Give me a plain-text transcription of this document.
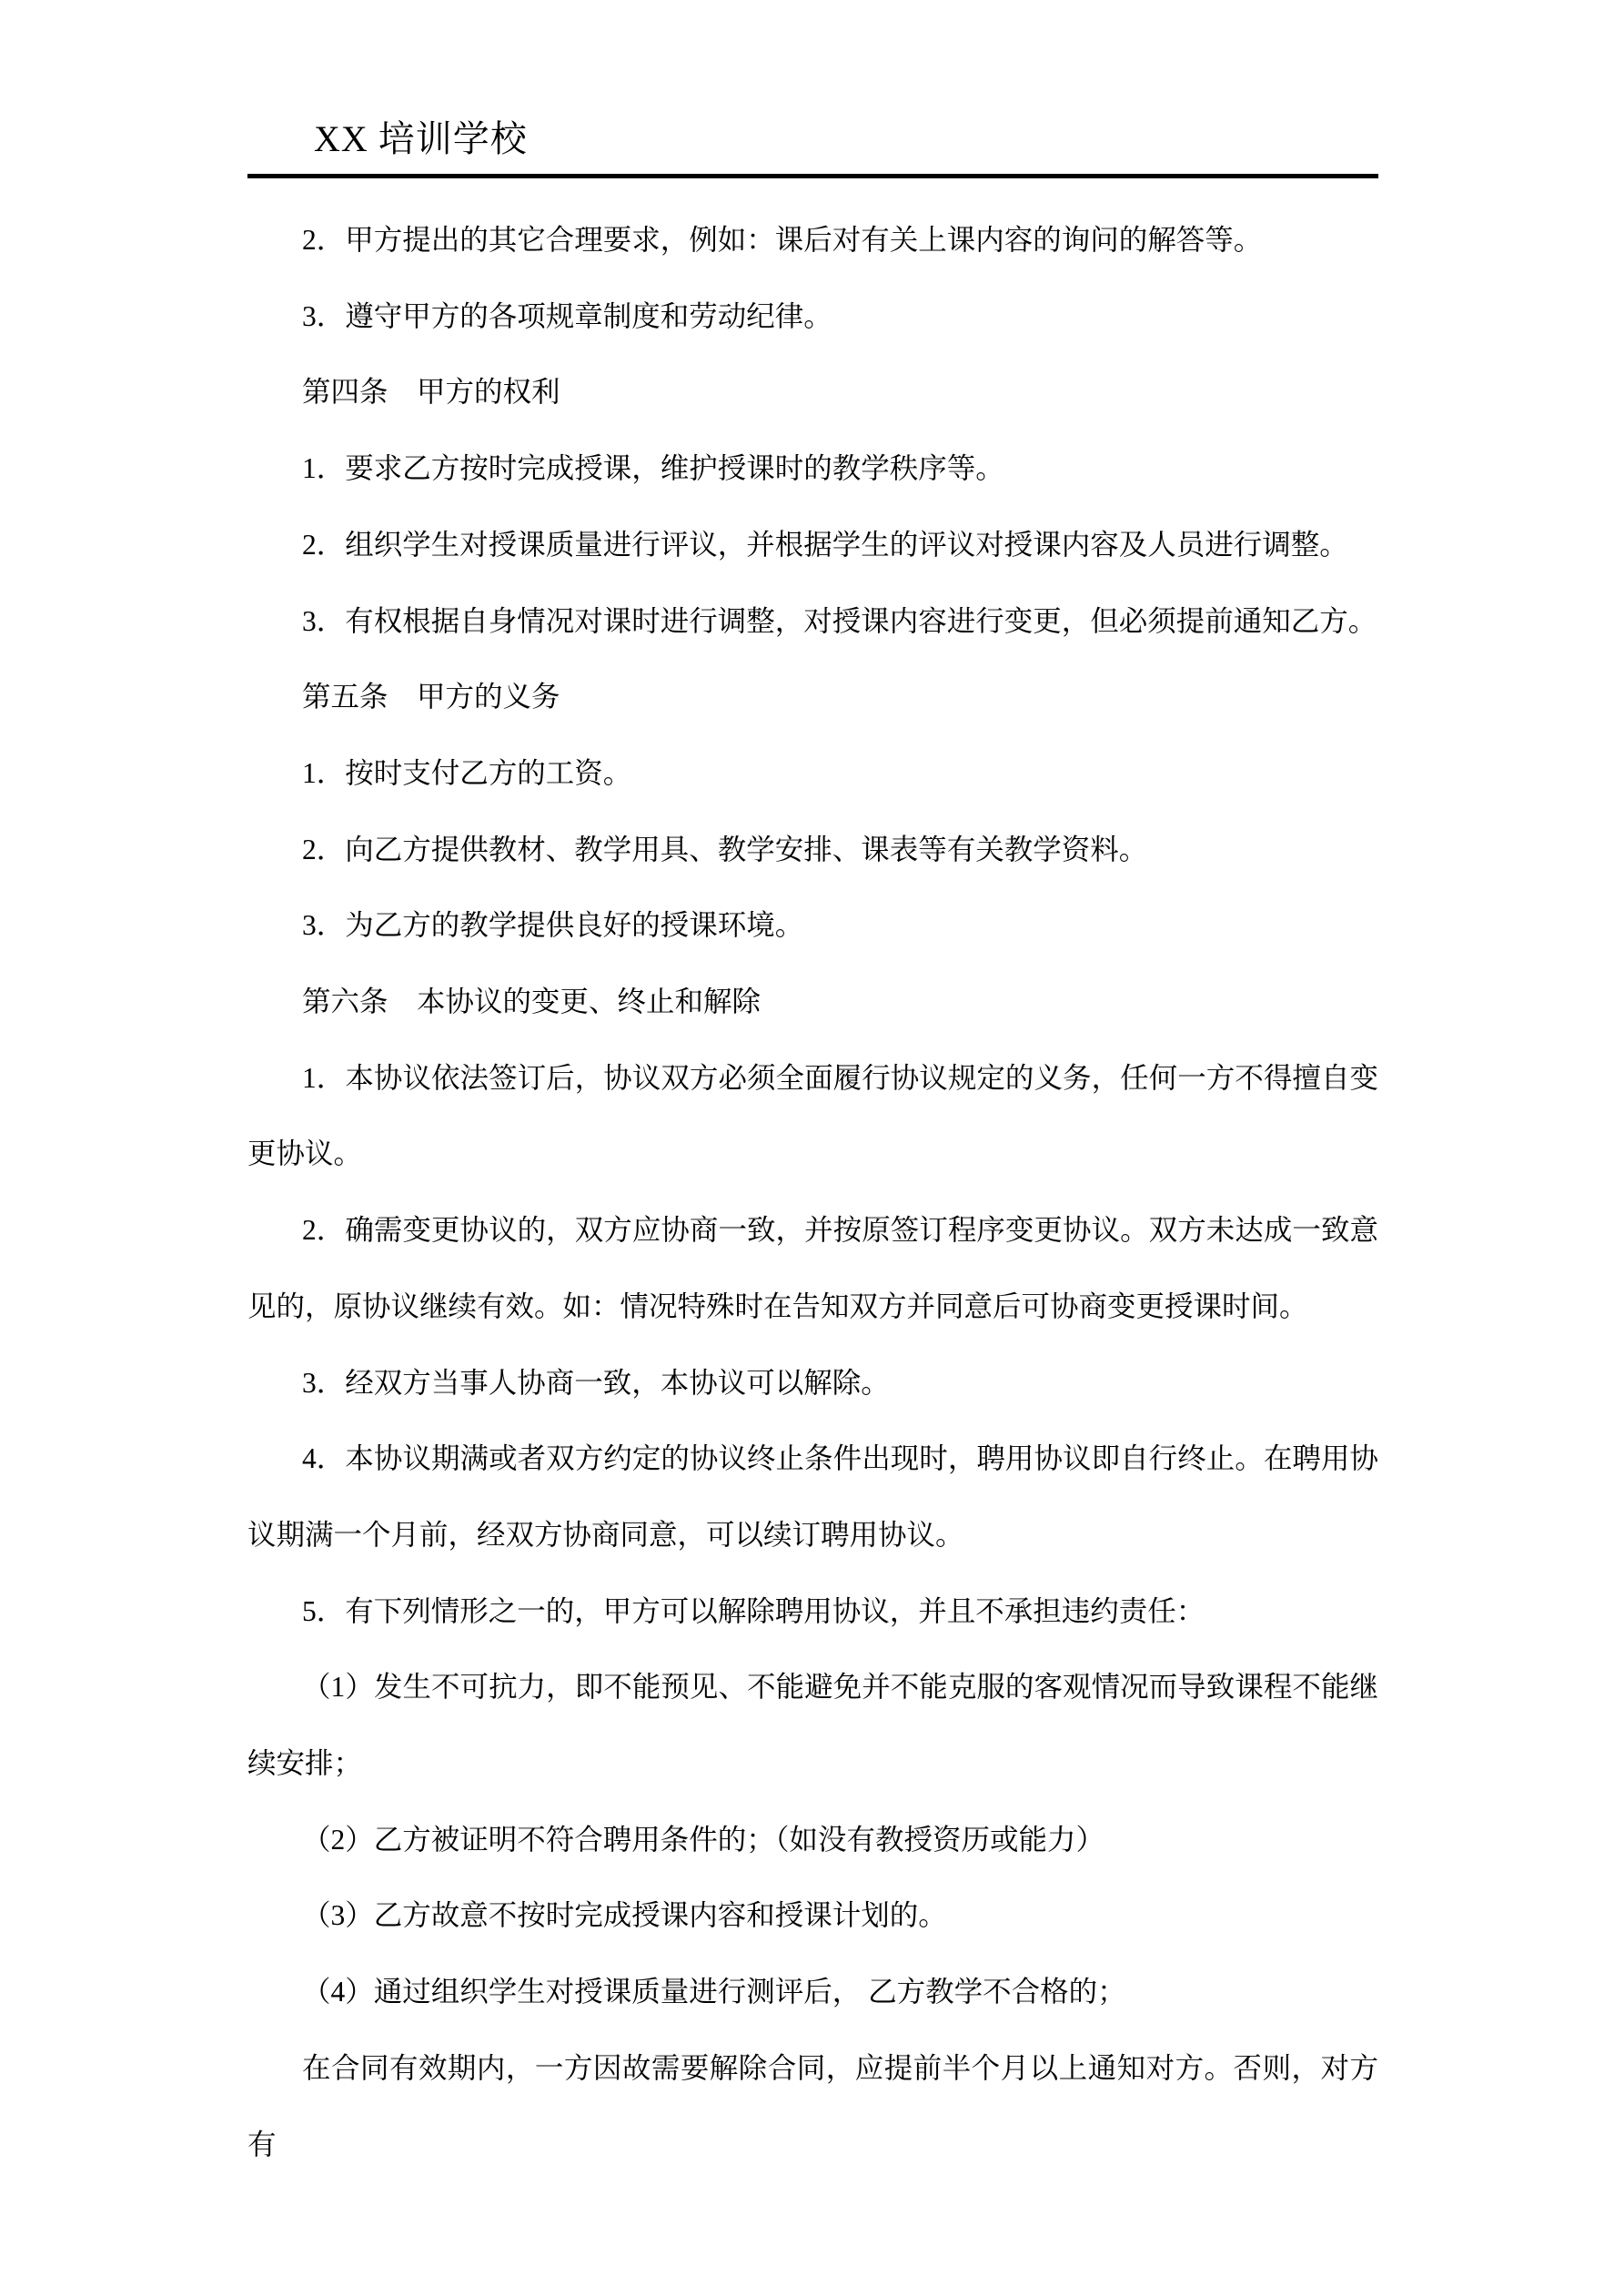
XX 培训学校

2．甲方提出的其它合理要求，例如：课后对有关上课内容的询问的解答等。

3．遵守甲方的各项规章制度和劳动纪律。

第四条　甲方的权利

1．要求乙方按时完成授课，维护授课时的教学秩序等。

2．组织学生对授课质量进行评议，并根据学生的评议对授课内容及人员进行调整。

3．有权根据自身情况对课时进行调整，对授课内容进行变更，但必须提前通知乙方。

第五条　甲方的义务

1．按时支付乙方的工资。

2．向乙方提供教材、教学用具、教学安排、课表等有关教学资料。

3．为乙方的教学提供良好的授课环境。

第六条　本协议的变更、终止和解除

1．本协议依法签订后，协议双方必须全面履行协议规定的义务，任何一方不得擅自变更协议。

2．确需变更协议的，双方应协商一致，并按原签订程序变更协议。双方未达成一致意见的，原协议继续有效。如：情况特殊时在告知双方并同意后可协商变更授课时间。

3．经双方当事人协商一致，本协议可以解除。

4．本协议期满或者双方约定的协议终止条件出现时，聘用协议即自行终止。在聘用协议期满一个月前，经双方协商同意，可以续订聘用协议。

5．有下列情形之一的，甲方可以解除聘用协议，并且不承担违约责任：

（1）发生不可抗力，即不能预见、不能避免并不能克服的客观情况而导致课程不能继续安排；

（2）乙方被证明不符合聘用条件的；（如没有教授资历或能力）

（3）乙方故意不按时完成授课内容和授课计划的。

（4）通过组织学生对授课质量进行测评后， 乙方教学不合格的；

在合同有效期内，一方因故需要解除合同，应提前半个月以上通知对方。否则，对方有
